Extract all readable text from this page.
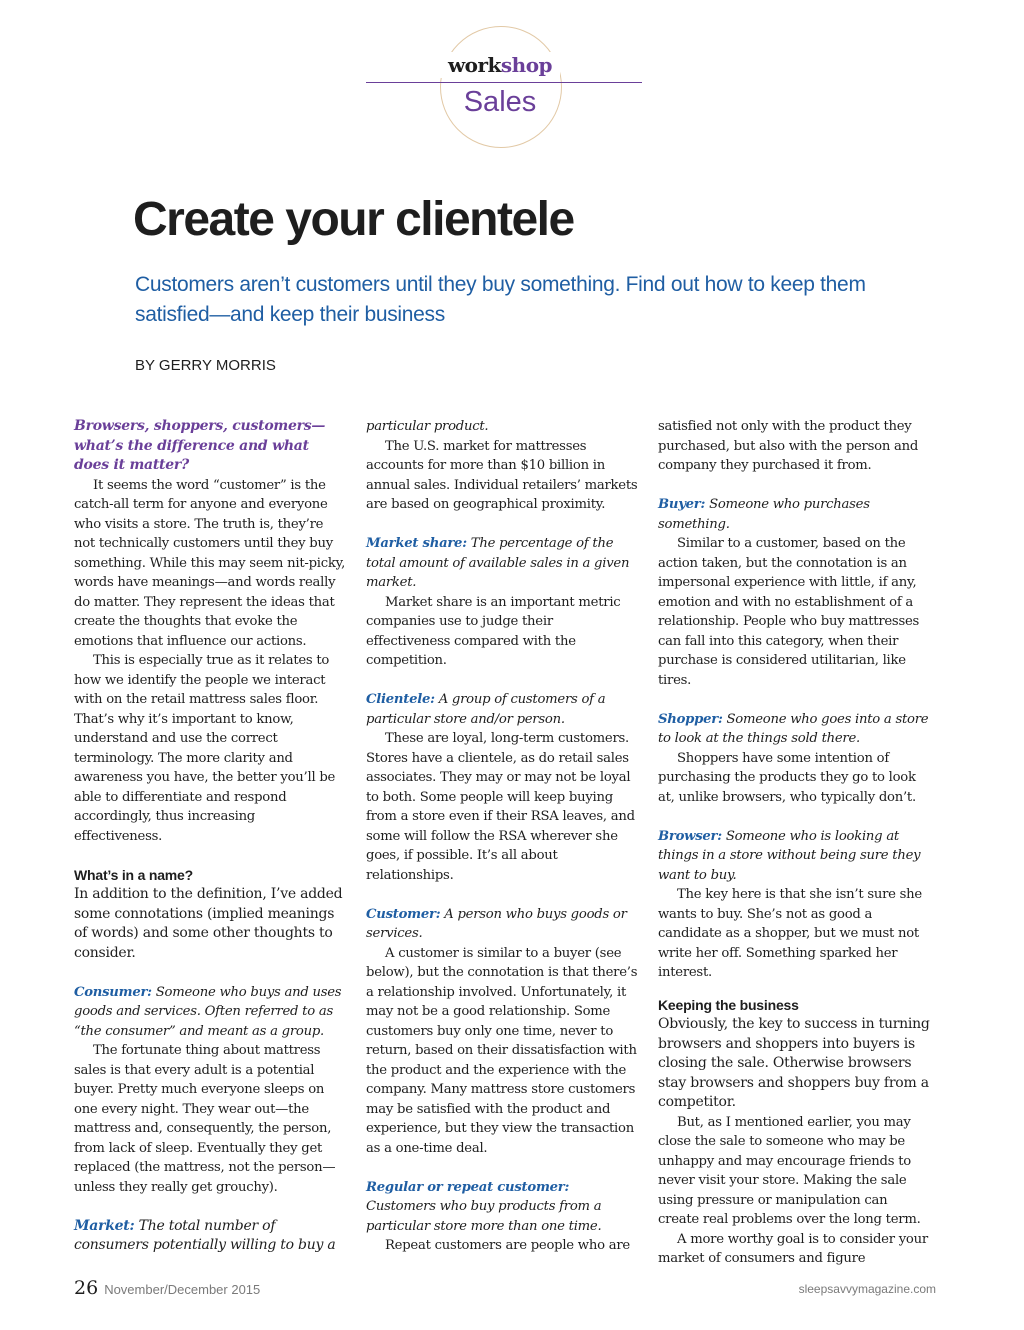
workshop
Sales
Create your clientele

Customers aren’t customers until they buy something. Find out how to keep them satisfied—and keep their business

BY GERRY MORRIS

Browsers, shoppers, customers—what’s the difference and what does it matter?

It seems the word “customer” is the catch-all term for anyone and everyone who visits a store. The truth is, they’re not technically customers until they buy something. While this may seem nit-picky, words have meanings—and words really do matter. They represent the ideas that create the thoughts that evoke the emotions that influence our actions.

This is especially true as it relates to how we identify the people we interact with on the retail mattress sales floor. That’s why it’s important to know, understand and use the correct terminology. The more clarity and awareness you have, the better you’ll be able to differentiate and respond accordingly, thus increasing effectiveness.

What’s in a name?

In addition to the definition, I’ve added some connotations (implied meanings of words) and some other thoughts to consider.

Consumer: Someone who buys and uses goods and services. Often referred to as “the consumer” and meant as a group.

The fortunate thing about mattress sales is that every adult is a potential buyer. Pretty much everyone sleeps on one every night. They wear out—the mattress and, consequently, the person, from lack of sleep. Eventually they get replaced (the mattress, not the person—unless they really get grouchy).

Market: The total number of consumers potentially willing to buy a

particular product.

The U.S. market for mattresses accounts for more than $10 billion in annual sales. Individual retailers’ markets are based on geographical proximity.

Market share: The percentage of the total amount of available sales in a given market.

Market share is an important metric companies use to judge their effectiveness compared with the competition.

Clientele: A group of customers of a particular store and/or person.

These are loyal, long-term customers. Stores have a clientele, as do retail sales associates. They may or may not be loyal to both. Some people will keep buying from a store even if their RSA leaves, and some will follow the RSA wherever she goes, if possible. It’s all about relationships.

Customer: A person who buys goods or services.

A customer is similar to a buyer (see below), but the connotation is that there’s a relationship involved. Unfortunately, it may not be a good relationship. Some customers buy only one time, never to return, based on their dissatisfaction with the product and the experience with the company. Many mattress store customers may be satisfied with the product and experience, but they view the transaction as a one-time deal.

Regular or repeat customer: Customers who buy products from a particular store more than one time.

Repeat customers are people who are

satisfied not only with the product they purchased, but also with the person and company they purchased it from.

Buyer: Someone who purchases something.

Similar to a customer, based on the action taken, but the connotation is an impersonal experience with little, if any, emotion and with no establishment of a relationship. People who buy mattresses can fall into this category, when their purchase is considered utilitarian, like tires.

Shopper: Someone who goes into a store to look at the things sold there.

Shoppers have some intention of purchasing the products they go to look at, unlike browsers, who typically don’t.

Browser: Someone who is looking at things in a store without being sure they want to buy.

The key here is that she isn’t sure she wants to buy. She’s not as good a candidate as a shopper, but we must not write her off. Something sparked her interest.

Keeping the business

Obviously, the key to success in turning browsers and shoppers into buyers is closing the sale. Otherwise browsers stay browsers and shoppers buy from a competitor.

But, as I mentioned earlier, you may close the sale to someone who may be unhappy and may encourage friends to never visit your store. Making the sale using pressure or manipulation can create real problems over the long term.

A more worthy goal is to consider your market of consumers and figure

26 November/December 2015	sleepsavvymagazine.com
